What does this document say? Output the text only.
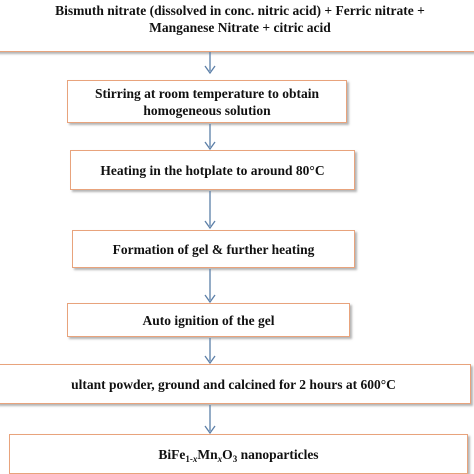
Bismuth nitrate (dissolved in conc. nitric acid) + Ferric nitrate +
Manganese Nitrate + citric acid
Stirring at room temperature to obtain
homogeneous solution
Heating in the hotplate to around 80°C
Formation of gel & further heating
Auto ignition of the gel
ultant powder, ground and calcined for 2 hours at 600°C
$BiFe_{1-x}Mn_xO_3$ nanoparticles
